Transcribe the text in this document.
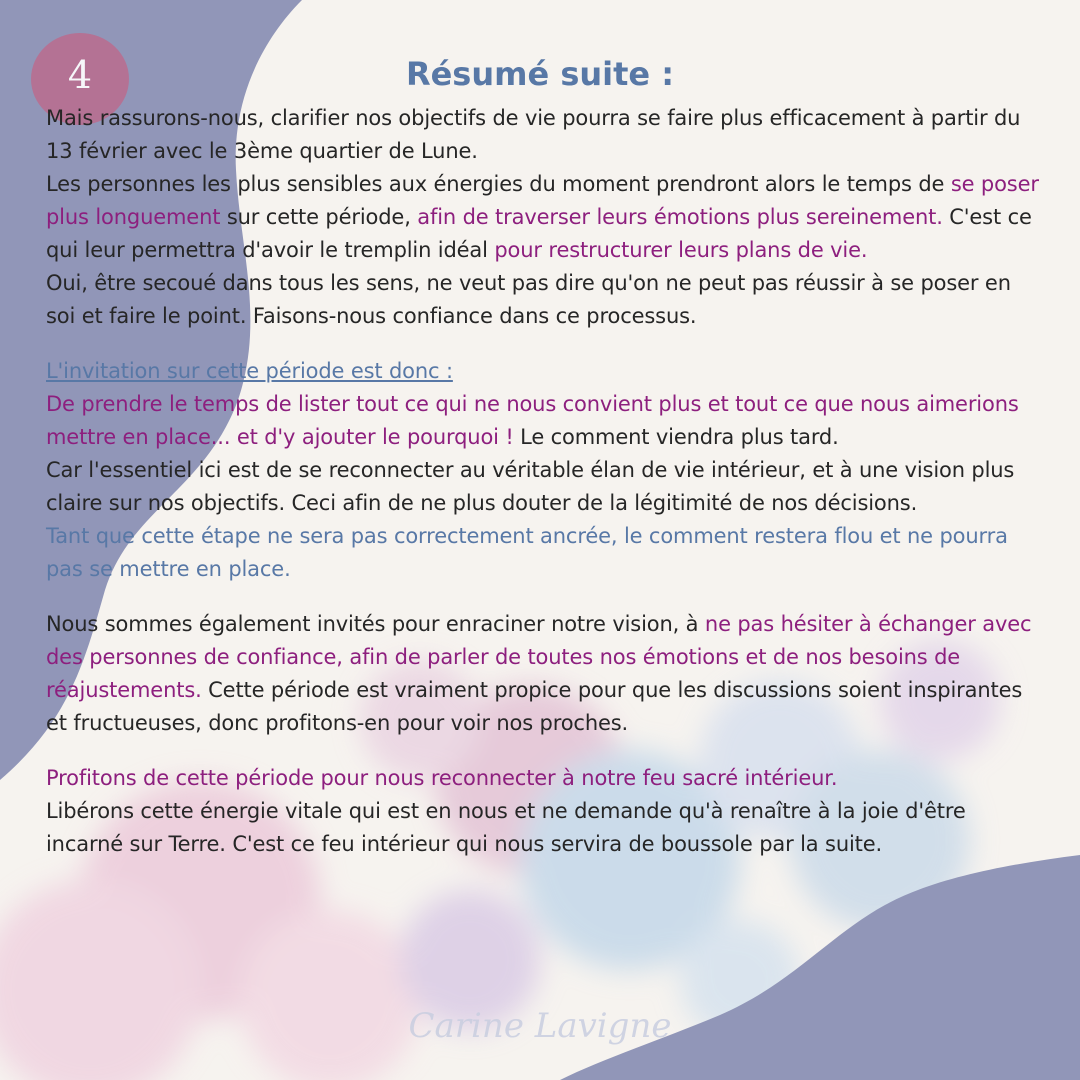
4	Résumé suite :

Mais rassurons-nous, clarifier nos objectifs de vie pourra se faire plus efficacement à partir du 13 février avec le 3ème quartier de Lune.
Les personnes les plus sensibles aux énergies du moment prendront alors le temps de se poser plus longuement sur cette période, afin de traverser leurs émotions plus sereinement. C'est ce qui leur permettra d'avoir le tremplin idéal pour restructurer leurs plans de vie.
Oui, être secoué dans tous les sens, ne veut pas dire qu'on ne peut pas réussir à se poser en soi et faire le point. Faisons-nous confiance dans ce processus.

L'invitation sur cette période est donc :
De prendre le temps de lister tout ce qui ne nous convient plus et tout ce que nous aimerions mettre en place... et d'y ajouter le pourquoi ! Le comment viendra plus tard.
Car l'essentiel ici est de se reconnecter au véritable élan de vie intérieur, et à une vision plus claire sur nos objectifs. Ceci afin de ne plus douter de la légitimité de nos décisions.
Tant que cette étape ne sera pas correctement ancrée, le comment restera flou et ne pourra pas se mettre en place.

Nous sommes également invités pour enraciner notre vision, à ne pas hésiter à échanger avec des personnes de confiance, afin de parler de toutes nos émotions et de nos besoins de réajustements. Cette période est vraiment propice pour que les discussions soient inspirantes et fructueuses, donc profitons-en pour voir nos proches.

Profitons de cette période pour nous reconnecter à notre feu sacré intérieur.
Libérons cette énergie vitale qui est en nous et ne demande qu'à renaître à la joie d'être incarné sur Terre. C'est ce feu intérieur qui nous servira de boussole par la suite.

Carine Lavigne
